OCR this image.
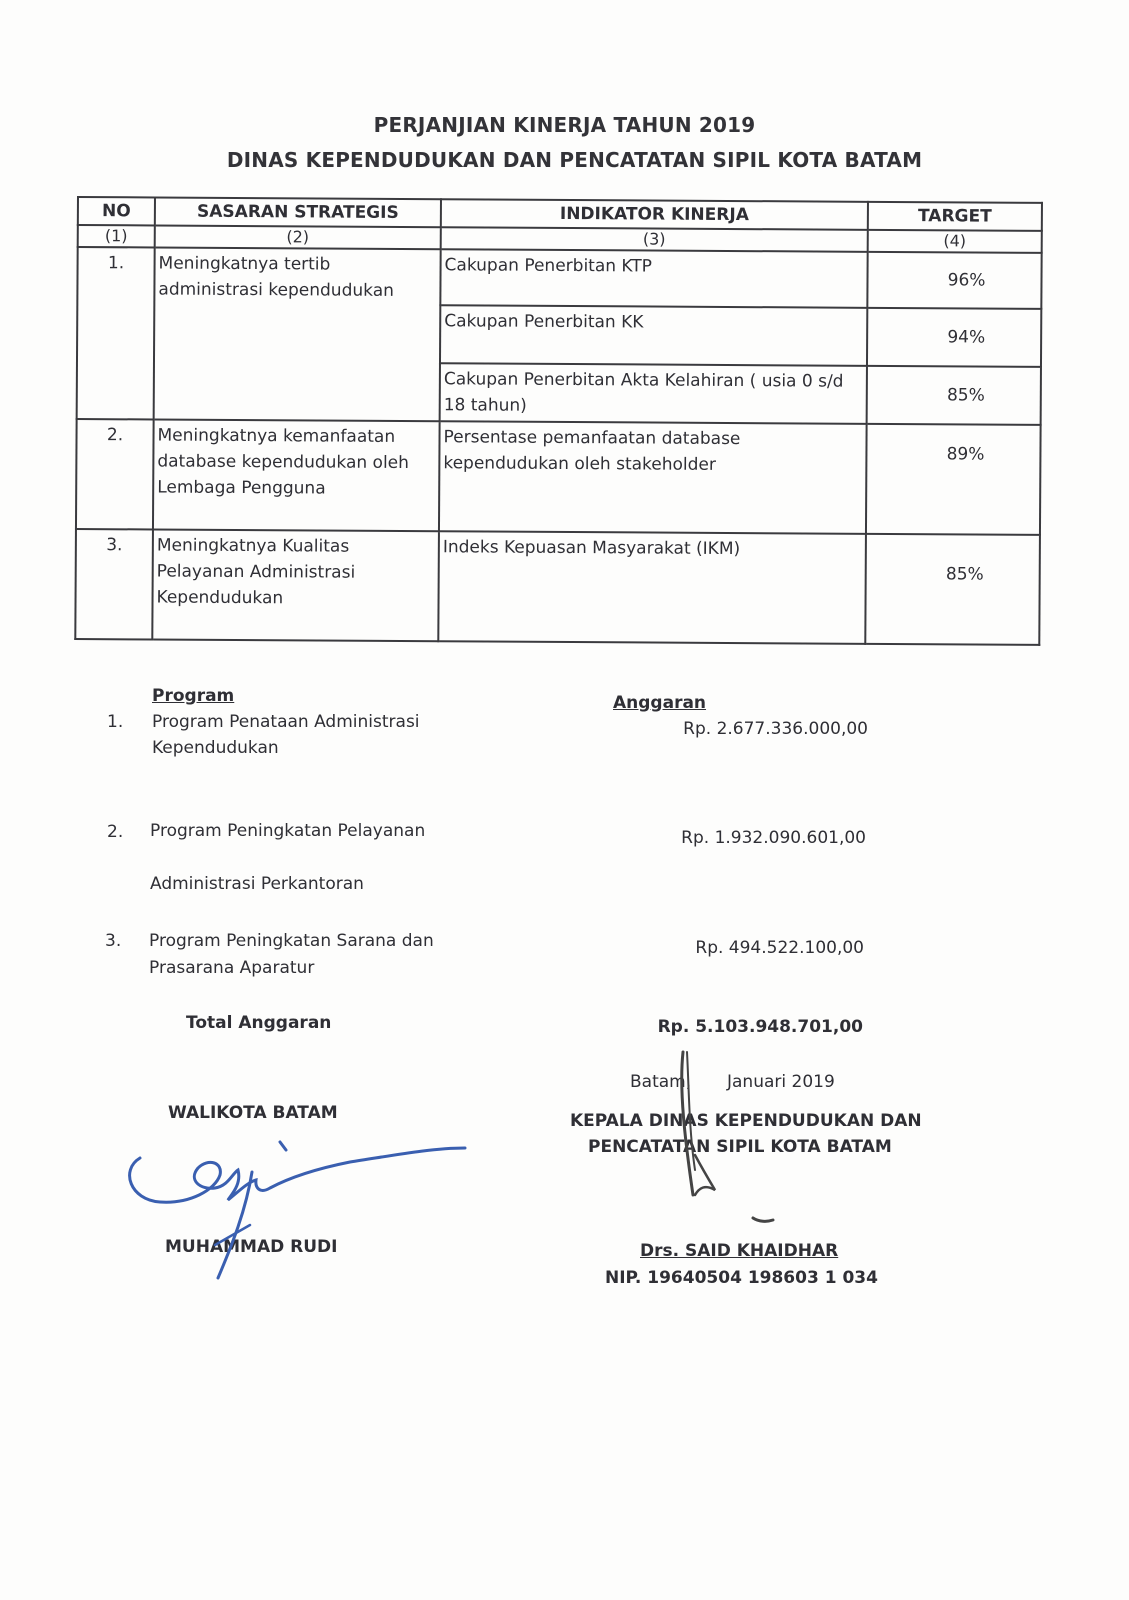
PERJANJIAN KINERJA TAHUN 2019
DINAS KEPENDUDUKAN DAN PENCATATAN SIPIL KOTA BATAM
NO	SASARAN STRATEGIS	INDIKATOR KINERJA	TARGET
(1)	(2)	(3)	(4)
1.	Meningkatnya tertib administrasi kependudukan	Cakupan Penerbitan KTP	96%
		Cakupan Penerbitan KK	94%
		Cakupan Penerbitan Akta Kelahiran ( usia 0 s/d 18 tahun)	85%
2.	Meningkatnya kemanfaatan database kependudukan oleh Lembaga Pengguna	Persentase pemanfaatan database kependudukan oleh stakeholder	89%
3.	Meningkatnya Kualitas Pelayanan Administrasi Kependudukan	Indeks Kepuasan Masyarakat (IKM)	85%
Program	Anggaran
1. Program Penataan Administrasi
Kependudukan
Rp. 2.677.336.000,00
2. Program Peningkatan Pelayanan
Administrasi Perkantoran
Rp. 1.932.090.601,00
3. Program Peningkatan Sarana dan
Prasarana Aparatur
Rp. 494.522.100,00
Total Anggaran	Rp. 5.103.948.701,00
Batam, Januari 2019
WALIKOTA BATAM
MUHAMMAD RUDI
KEPALA DINAS KEPENDUDUKAN DAN
PENCATATAN SIPIL KOTA BATAM
Drs. SAID KHAIDHAR
NIP. 19640504 198603 1 034
